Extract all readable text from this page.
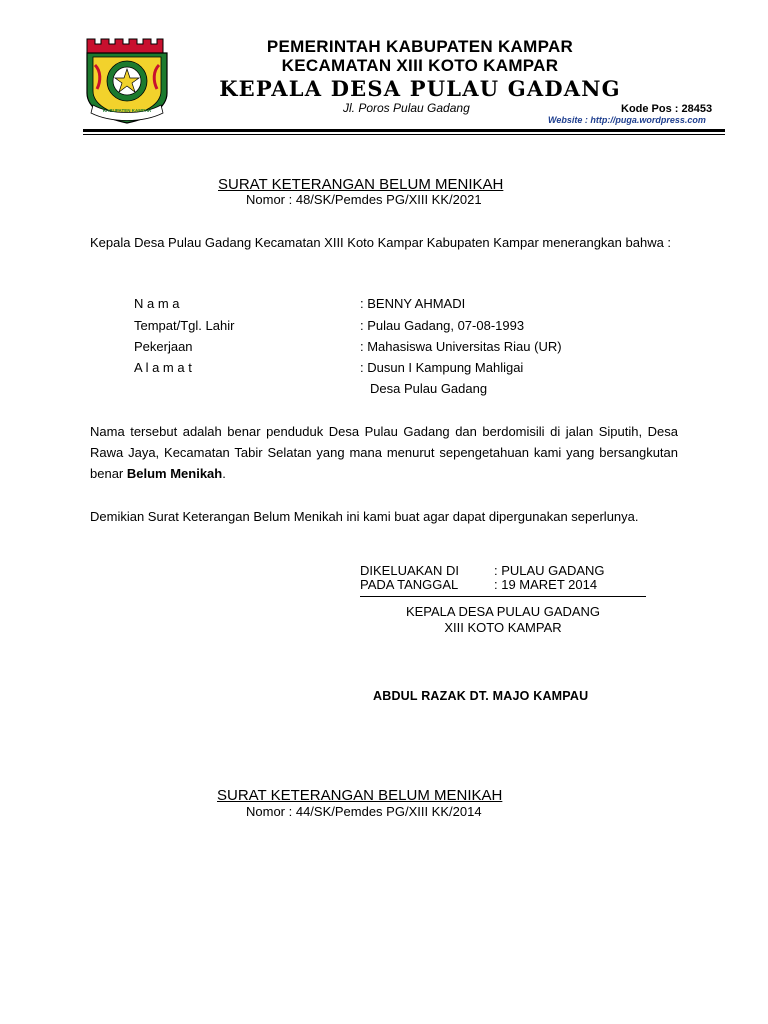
KABUPATEN KAMPAR
PEMERINTAH KABUPATEN KAMPAR
KECAMATAN XIII KOTO KAMPAR
KEPALA DESA PULAU GADANG
Jl. Poros Pulau Gadang	Kode Pos : 28453
Website : http://puga.wordpress.com
SURAT KETERANGAN BELUM MENIKAH
Nomor : 48/SK/Pemdes PG/XIII KK/2021
Kepala Desa Pulau Gadang Kecamatan XIII Koto Kampar Kabupaten Kampar menerangkan bahwa :
N a m a	: BENNY AHMADI
Tempat/Tgl. Lahir	: Pulau Gadang, 07-08-1993
Pekerjaan	: Mahasiswa Universitas Riau (UR)
A l a m a t	: Dusun I Kampung Mahligai
Desa Pulau Gadang
Nama tersebut adalah benar penduduk Desa Pulau Gadang dan berdomisili di jalan Siputih, Desa Rawa Jaya, Kecamatan Tabir Selatan yang mana menurut sepengetahuan kami yang bersangkutan benar Belum Menikah.
Demikian Surat Keterangan Belum Menikah ini kami buat agar dapat dipergunakan seperlunya.
DIKELUAKAN DI	: PULAU GADANG
PADA TANGGAL	: 19 MARET 2014
KEPALA DESA PULAU GADANG
XIII KOTO KAMPAR
ABDUL RAZAK DT. MAJO KAMPAU
SURAT KETERANGAN BELUM MENIKAH
Nomor : 44/SK/Pemdes PG/XIII KK/2014
